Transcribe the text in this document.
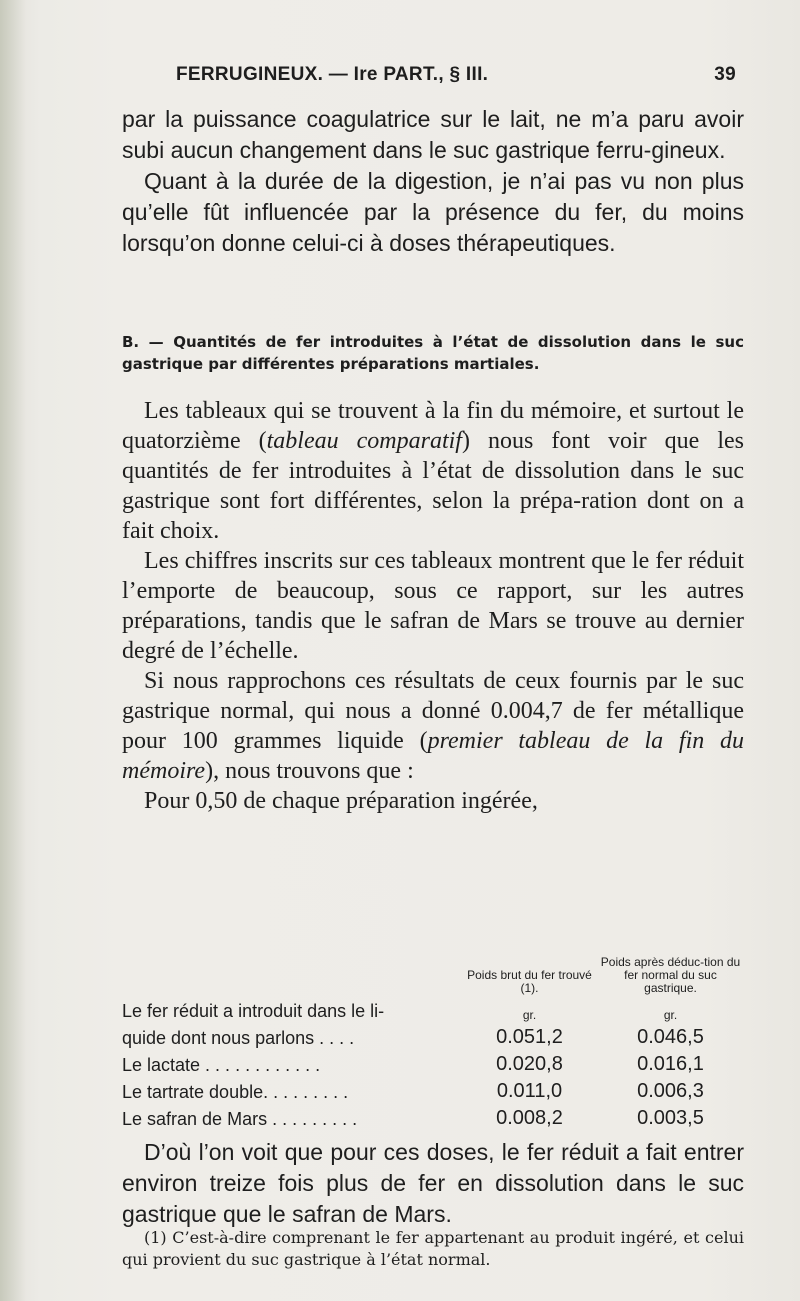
FERRUGINEUX. — Ire PART., § III.	39

par la puissance coagulatrice sur le lait, ne m’a paru avoir subi aucun changement dans le suc gastrique ferru-gineux.

Quant à la durée de la digestion, je n’ai pas vu non plus qu’elle fût influencée par la présence du fer, du moins lorsqu’on donne celui-ci à doses thérapeutiques.

B. — Quantités de fer introduites à l’état de dissolution dans le suc gastrique par différentes préparations martiales.

Les tableaux qui se trouvent à la fin du mémoire, et surtout le quatorzième (tableau comparatif) nous font voir que les quantités de fer introduites à l’état de dissolution dans le suc gastrique sont fort différentes, selon la prépa-ration dont on a fait choix.

Les chiffres inscrits sur ces tableaux montrent que le fer réduit l’emporte de beaucoup, sous ce rapport, sur les autres préparations, tandis que le safran de Mars se trouve au dernier degré de l’échelle.

Si nous rapprochons ces résultats de ceux fournis par le suc gastrique normal, qui nous a donné 0.004,7 de fer métallique pour 100 grammes liquide (premier tableau de la fin du mémoire), nous trouvons que :

Pour 0,50 de chaque préparation ingérée,

	Poids brut du fer trouvé (1).	Poids après déduc-tion du fer normal du suc gastrique.
Le fer réduit a introduit dans le li-	gr.	gr.
quide dont nous parlons . . . .	0.051,2	0.046,5
Le lactate . . . . . . . . . . . .	0.020,8	0.016,1
Le tartrate double. . . . . . . . .	0.011,0	0.006,3
Le safran de Mars . . . . . . . . .	0.008,2	0.003,5

D’où l’on voit que pour ces doses, le fer réduit a fait entrer environ treize fois plus de fer en dissolution dans le suc gastrique que le safran de Mars.

(1) C’est-à-dire comprenant le fer appartenant au produit ingéré, et celui qui provient du suc gastrique à l’état normal.
